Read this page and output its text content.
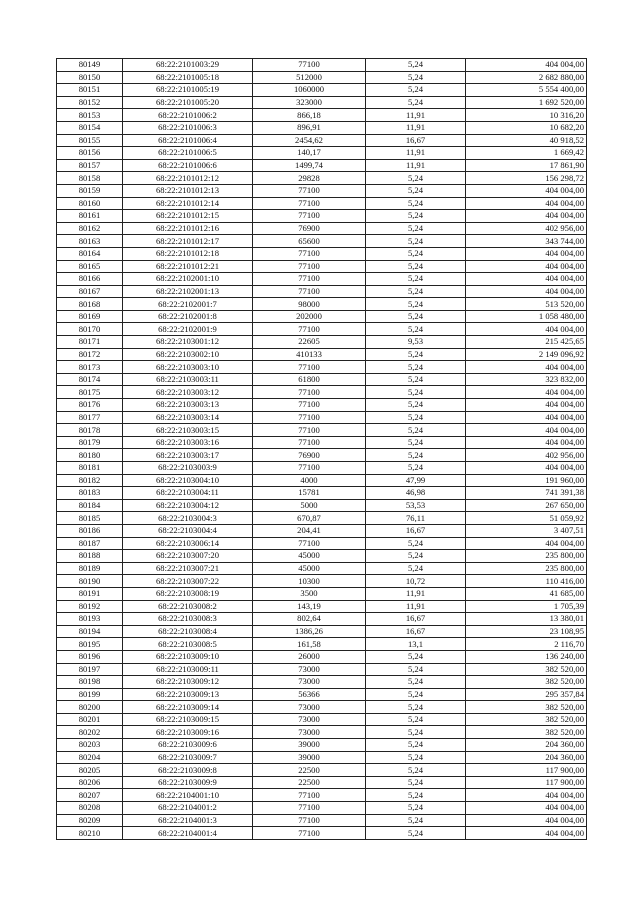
80149	68:22:2101003:29	77100	5,24	404 004,00
80150	68:22:2101005:18	512000	5,24	2 682 880,00
80151	68:22:2101005:19	1060000	5,24	5 554 400,00
80152	68:22:2101005:20	323000	5,24	1 692 520,00
80153	68:22:2101006:2	866,18	11,91	10 316,20
80154	68:22:2101006:3	896,91	11,91	10 682,20
80155	68:22:2101006:4	2454,62	16,67	40 918,52
80156	68:22:2101006:5	140,17	11,91	1 669,42
80157	68:22:2101006:6	1499,74	11,91	17 861,90
80158	68:22:2101012:12	29828	5,24	156 298,72
80159	68:22:2101012:13	77100	5,24	404 004,00
80160	68:22:2101012:14	77100	5,24	404 004,00
80161	68:22:2101012:15	77100	5,24	404 004,00
80162	68:22:2101012:16	76900	5,24	402 956,00
80163	68:22:2101012:17	65600	5,24	343 744,00
80164	68:22:2101012:18	77100	5,24	404 004,00
80165	68:22:2101012:21	77100	5,24	404 004,00
80166	68:22:2102001:10	77100	5,24	404 004,00
80167	68:22:2102001:13	77100	5,24	404 004,00
80168	68:22:2102001:7	98000	5,24	513 520,00
80169	68:22:2102001:8	202000	5,24	1 058 480,00
80170	68:22:2102001:9	77100	5,24	404 004,00
80171	68:22:2103001:12	22605	9,53	215 425,65
80172	68:22:2103002:10	410133	5,24	2 149 096,92
80173	68:22:2103003:10	77100	5,24	404 004,00
80174	68:22:2103003:11	61800	5,24	323 832,00
80175	68:22:2103003:12	77100	5,24	404 004,00
80176	68:22:2103003:13	77100	5,24	404 004,00
80177	68:22:2103003:14	77100	5,24	404 004,00
80178	68:22:2103003:15	77100	5,24	404 004,00
80179	68:22:2103003:16	77100	5,24	404 004,00
80180	68:22:2103003:17	76900	5,24	402 956,00
80181	68:22:2103003:9	77100	5,24	404 004,00
80182	68:22:2103004:10	4000	47,99	191 960,00
80183	68:22:2103004:11	15781	46,98	741 391,38
80184	68:22:2103004:12	5000	53,53	267 650,00
80185	68:22:2103004:3	670,87	76,11	51 059,92
80186	68:22:2103004:4	204,41	16,67	3 407,51
80187	68:22:2103006:14	77100	5,24	404 004,00
80188	68:22:2103007:20	45000	5,24	235 800,00
80189	68:22:2103007:21	45000	5,24	235 800,00
80190	68:22:2103007:22	10300	10,72	110 416,00
80191	68:22:2103008:19	3500	11,91	41 685,00
80192	68:22:2103008:2	143,19	11,91	1 705,39
80193	68:22:2103008:3	802,64	16,67	13 380,01
80194	68:22:2103008:4	1386,26	16,67	23 108,95
80195	68:22:2103008:5	161,58	13,1	2 116,70
80196	68:22:2103009:10	26000	5,24	136 240,00
80197	68:22:2103009:11	73000	5,24	382 520,00
80198	68:22:2103009:12	73000	5,24	382 520,00
80199	68:22:2103009:13	56366	5,24	295 357,84
80200	68:22:2103009:14	73000	5,24	382 520,00
80201	68:22:2103009:15	73000	5,24	382 520,00
80202	68:22:2103009:16	73000	5,24	382 520,00
80203	68:22:2103009:6	39000	5,24	204 360,00
80204	68:22:2103009:7	39000	5,24	204 360,00
80205	68:22:2103009:8	22500	5,24	117 900,00
80206	68:22:2103009:9	22500	5,24	117 900,00
80207	68:22:2104001:10	77100	5,24	404 004,00
80208	68:22:2104001:2	77100	5,24	404 004,00
80209	68:22:2104001:3	77100	5,24	404 004,00
80210	68:22:2104001:4	77100	5,24	404 004,00
